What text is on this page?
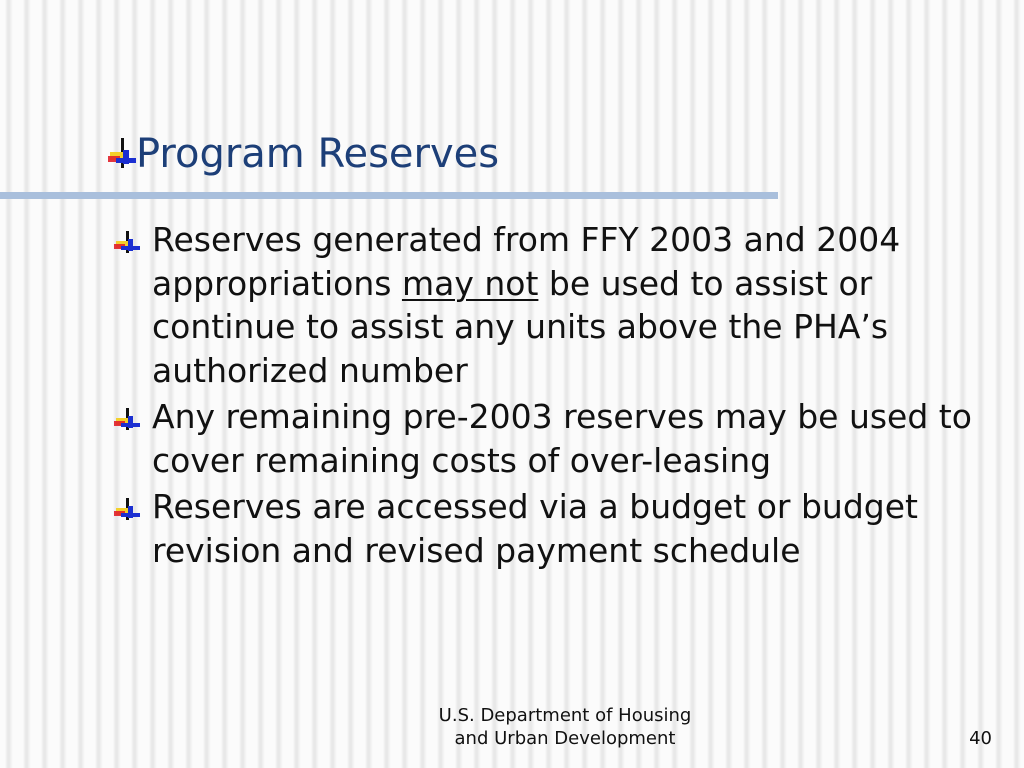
Program Reserves
Reserves generated from FFY 2003 and 2004 appropriations may not be used to assist or continue to assist any units above the PHA’s authorized number
Any remaining pre-2003 reserves may be used to cover remaining costs of over-leasing
Reserves are accessed via a budget or budget revision and revised payment schedule
U.S. Department of Housing
and Urban Development	40
